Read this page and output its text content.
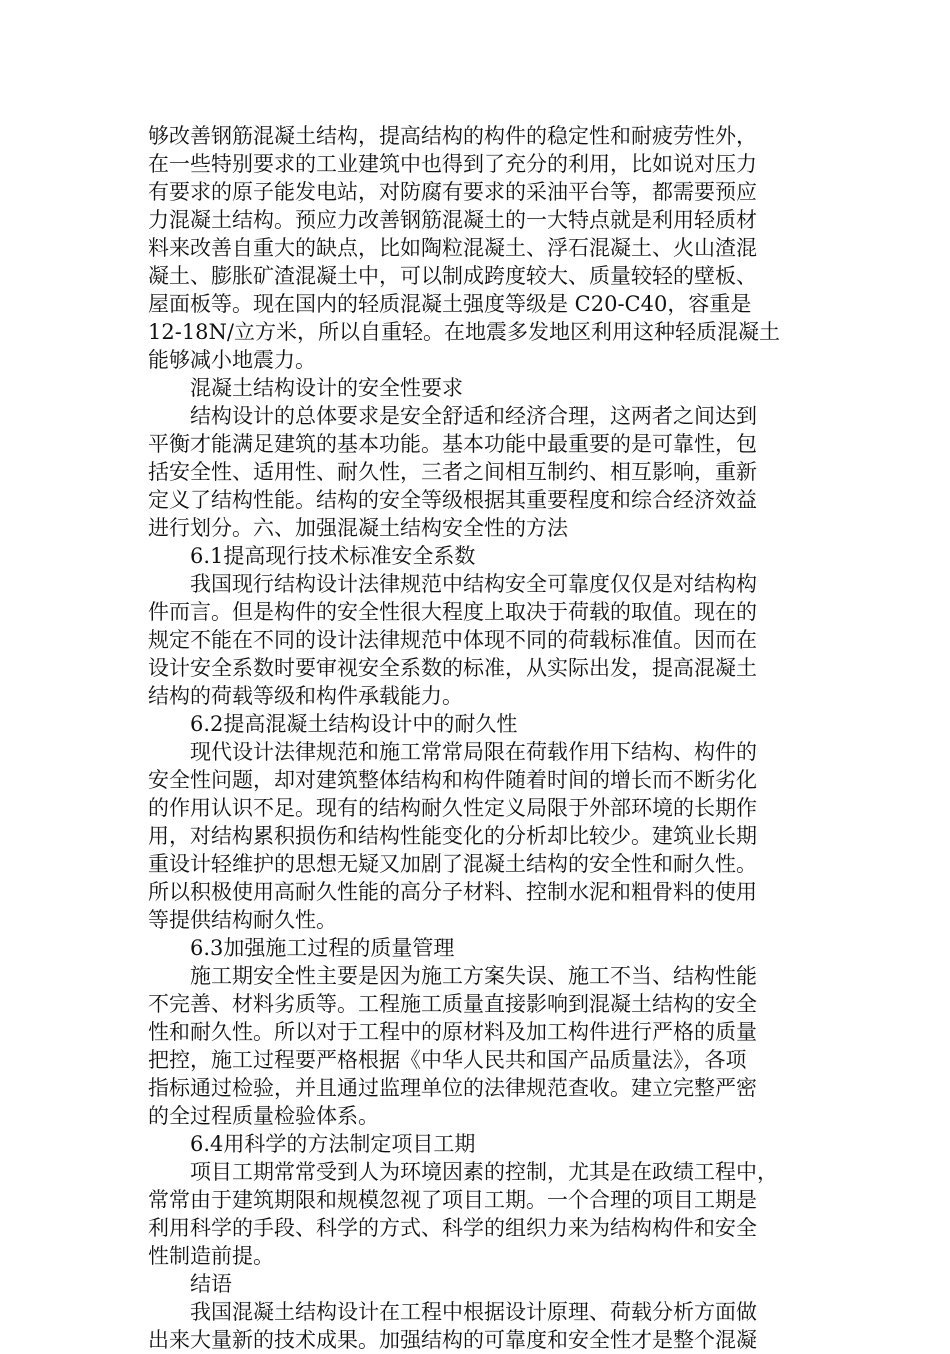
够改善钢筋混凝土结构，提高结构的构件的稳定性和耐疲劳性外，
在一些特别要求的工业建筑中也得到了充分的利用，比如说对压力
有要求的原子能发电站，对防腐有要求的采油平台等，都需要预应
力混凝土结构。预应力改善钢筋混凝土的一大特点就是利用轻质材
料来改善自重大的缺点，比如陶粒混凝土、浮石混凝土、火山渣混
凝土、膨胀矿渣混凝土中，可以制成跨度较大、质量较轻的壁板、
屋面板等。现在国内的轻质混凝土强度等级是 C20-C40，容重是
12-18N/立方米，所以自重轻。在地震多发地区利用这种轻质混凝土
能够减小地震力。
混凝土结构设计的安全性要求
结构设计的总体要求是安全舒适和经济合理，这两者之间达到
平衡才能满足建筑的基本功能。基本功能中最重要的是可靠性，包
括安全性、适用性、耐久性，三者之间相互制约、相互影响，重新
定义了结构性能。结构的安全等级根据其重要程度和综合经济效益
进行划分。六、加强混凝土结构安全性的方法
6.1提高现行技术标准安全系数
我国现行结构设计法律规范中结构安全可靠度仅仅是对结构构
件而言。但是构件的安全性很大程度上取决于荷载的取值。现在的
规定不能在不同的设计法律规范中体现不同的荷载标准值。因而在
设计安全系数时要审视安全系数的标准，从实际出发，提高混凝土
结构的荷载等级和构件承载能力。
6.2提高混凝土结构设计中的耐久性
现代设计法律规范和施工常常局限在荷载作用下结构、构件的
安全性问题，却对建筑整体结构和构件随着时间的增长而不断劣化
的作用认识不足。现有的结构耐久性定义局限于外部环境的长期作
用，对结构累积损伤和结构性能变化的分析却比较少。建筑业长期
重设计轻维护的思想无疑又加剧了混凝土结构的安全性和耐久性。
所以积极使用高耐久性能的高分子材料、控制水泥和粗骨料的使用
等提供结构耐久性。
6.3加强施工过程的质量管理
施工期安全性主要是因为施工方案失误、施工不当、结构性能
不完善、材料劣质等。工程施工质量直接影响到混凝土结构的安全
性和耐久性。所以对于工程中的原材料及加工构件进行严格的质量
把控，施工过程要严格根据《中华人民共和国产品质量法》，各项
指标通过检验，并且通过监理单位的法律规范查收。建立完整严密
的全过程质量检验体系。
6.4用科学的方法制定项目工期
项目工期常常受到人为环境因素的控制，尤其是在政绩工程中，
常常由于建筑期限和规模忽视了项目工期。一个合理的项目工期是
利用科学的手段、科学的方式、科学的组织力来为结构构件和安全
性制造前提。
结语
我国混凝土结构设计在工程中根据设计原理、荷载分析方面做
出来大量新的技术成果。加强结构的可靠度和安全性才是整个混凝
